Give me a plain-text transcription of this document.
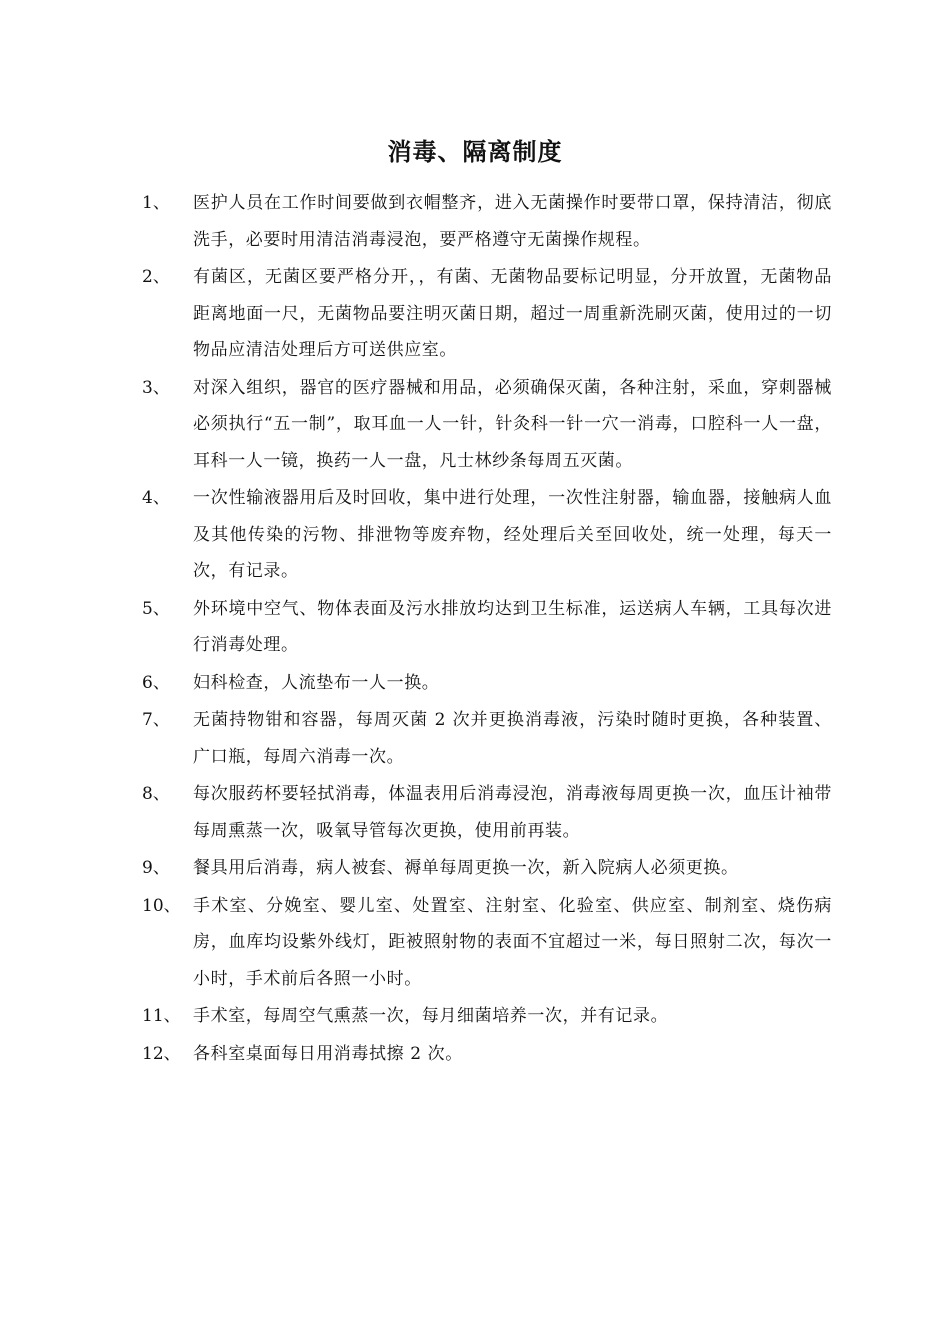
消毒、隔离制度
1、	医护人员在工作时间要做到衣帽整齐，进入无菌操作时要带口罩，保持清洁，彻底洗手，必要时用清洁消毒浸泡，要严格遵守无菌操作规程。
2、	有菌区，无菌区要严格分开，，有菌、无菌物品要标记明显，分开放置，无菌物品距离地面一尺，无菌物品要注明灭菌日期，超过一周重新洗刷灭菌，使用过的一切物品应清洁处理后方可送供应室。
3、	对深入组织，器官的医疗器械和用品，必须确保灭菌，各种注射，采血，穿刺器械必须执行“五一制”，取耳血一人一针，针灸科一针一穴一消毒，口腔科一人一盘，耳科一人一镜，换药一人一盘，凡士林纱条每周五灭菌。
4、	一次性输液器用后及时回收，集中进行处理，一次性注射器，输血器，接触病人血及其他传染的污物、排泄物等废弃物，经处理后关至回收处，统一处理，每天一次，有记录。
5、	外环境中空气、物体表面及污水排放均达到卫生标准，运送病人车辆，工具每次进行消毒处理。
6、	妇科检查，人流垫布一人一换。
7、	无菌持物钳和容器，每周灭菌 2 次并更换消毒液，污染时随时更换，各种装置、广口瓶，每周六消毒一次。
8、	每次服药杯要轻拭消毒，体温表用后消毒浸泡，消毒液每周更换一次，血压计袖带每周熏蒸一次，吸氧导管每次更换，使用前再装。
9、	餐具用后消毒，病人被套、褥单每周更换一次，新入院病人必须更换。
10、 手术室、分娩室、婴儿室、处置室、注射室、化验室、供应室、制剂室、烧伤病房，血库均设紫外线灯，距被照射物的表面不宜超过一米，每日照射二次，每次一小时，手术前后各照一小时。
11、 手术室，每周空气熏蒸一次，每月细菌培养一次，并有记录。
12、 各科室桌面每日用消毒拭擦 2 次。
